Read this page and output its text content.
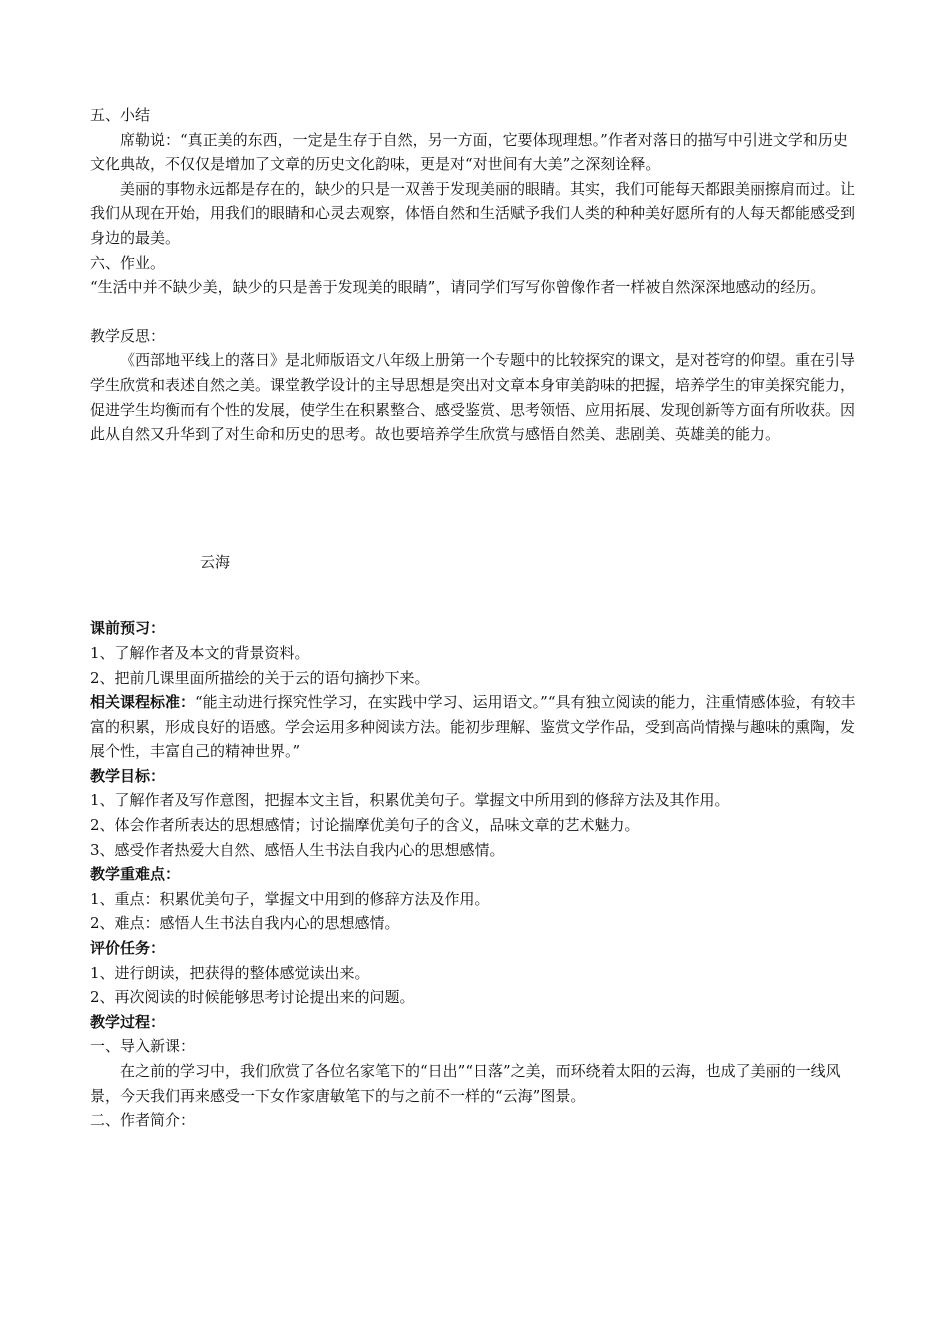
五、小结

席勒说：“真正美的东西，一定是生存于自然，另一方面，它要体现理想。”作者对落日的描写中引进文学和历史文化典故，不仅仅是增加了文章的历史文化韵味，更是对“对世间有大美”之深刻诠释。

美丽的事物永远都是存在的，缺少的只是一双善于发现美丽的眼睛。其实，我们可能每天都跟美丽擦肩而过。让我们从现在开始，用我们的眼睛和心灵去观察，体悟自然和生活赋予我们人类的种种美好愿所有的人每天都能感受到身边的最美。

六、作业。

“生活中并不缺少美，缺少的只是善于发现美的眼睛”，请同学们写写你曾像作者一样被自然深深地感动的经历。

教学反思：

《西部地平线上的落日》是北师版语文八年级上册第一个专题中的比较探究的课文，是对苍穹的仰望。重在引导学生欣赏和表述自然之美。课堂教学设计的主导思想是突出对文章本身审美韵味的把握，培养学生的审美探究能力，促进学生均衡而有个性的发展，使学生在积累整合、感受鉴赏、思考领悟、应用拓展、发现创新等方面有所收获。因此从自然又升华到了对生命和历史的思考。故也要培养学生欣赏与感悟自然美、悲剧美、英雄美的能力。

云海

课前预习：

1、了解作者及本文的背景资料。

2、把前几课里面所描绘的关于云的语句摘抄下来。

相关课程标准：“能主动进行探究性学习，在实践中学习、运用语文。”“具有独立阅读的能力，注重情感体验，有较丰富的积累，形成良好的语感。学会运用多种阅读方法。能初步理解、鉴赏文学作品，受到高尚情操与趣味的熏陶，发展个性，丰富自己的精神世界。”

教学目标：

1、了解作者及写作意图，把握本文主旨，积累优美句子。掌握文中所用到的修辞方法及其作用。

2、体会作者所表达的思想感情；讨论揣摩优美句子的含义，品味文章的艺术魅力。

3、感受作者热爱大自然、感悟人生书法自我内心的思想感情。

教学重难点：

1、重点：积累优美句子，掌握文中用到的修辞方法及作用。

2、难点：感悟人生书法自我内心的思想感情。

评价任务：

1、进行朗读，把获得的整体感觉读出来。

2、再次阅读的时候能够思考讨论提出来的问题。

教学过程：

一、导入新课：

在之前的学习中，我们欣赏了各位名家笔下的“日出”“日落”之美，而环绕着太阳的云海，也成了美丽的一线风景，今天我们再来感受一下女作家唐敏笔下的与之前不一样的“云海”图景。

二、作者简介：
